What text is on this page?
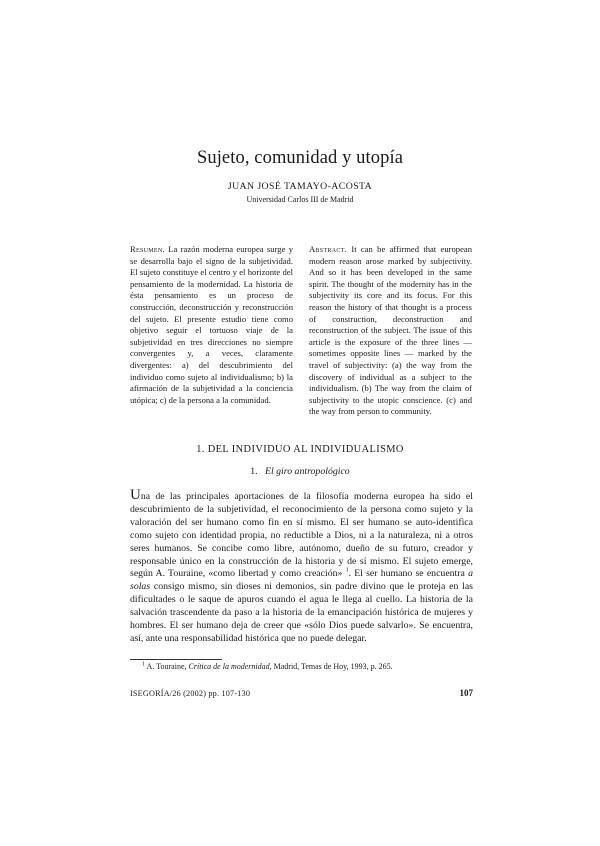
Sujeto, comunidad y utopía
JUAN JOSÉ TAMAYO-ACOSTA
Universidad Carlos III de Madrid
Resumen. La razón moderna europea surge y se desarrolla bajo el signo de la subjetividad. El sujeto constituye el centro y el horizonte del pensamiento de la modernidad. La historia de ésta pensamiento es un proceso de construcción, deconstrucción y reconstrucción del sujeto. El presente estudio tiene como objetivo seguir el tortuoso viaje de la subjetividad en tres direcciones no siempre convergentes y, a veces, claramente divergentes: a) del descubrimiento del individuo como sujeto al individualismo; b) la afirmación de la subjetividad a la conciencia utópica; c) de la persona a la comunidad.
Abstract. It can be affirmed that european modern reason arose marked by subjectivity. And so it has been developed in the same spirit. The thought of the modernity has in the subjectivity its core and its focus. For this reason the history of that thought is a process of construction, deconstruction and reconstruction of the subject. The issue of this article is the exposure of the three lines — sometimes opposite lines — marked by the travel of subjectivity: (a) the way from the discovery of individual as a subject to the individualism. (b) The way from the claim of subjectivity to the utopic conscience. (c) and the way from person to community.
1. DEL INDIVIDUO AL INDIVIDUALISMO
1. El giro antropológico
Una de las principales aportaciones de la filosofía moderna europea ha sido el descubrimiento de la subjetividad, el reconocimiento de la persona como sujeto y la valoración del ser humano como fin en sí mismo. El ser humano se auto-identifica como sujeto con identidad propia, no reductible a Dios, ni a la naturaleza, ni a otros seres humanos. Se concibe como libre, autónomo, dueño de su futuro, creador y responsable único en la construcción de la historia y de sí mismo. El sujeto emerge, según A. Touraine, «como libertad y como creación» $^1$. El ser humano se encuentra a solas consigo mismo, sin dioses ni demonios, sin padre divino que le proteja en las dificultades o le saque de apuros cuando el agua le llega al cuello. La historia de la salvación trascendente da paso a la historia de la emancipación histórica de mujeres y hombres. El ser humano deja de creer que «sólo Dios puede salvarlo». Se encuentra, así, ante una responsabilidad histórica que no puede delegar.
$^1$ A. Touraine, Crítica de la modernidad, Madrid, Temas de Hoy, 1993, p. 265.
ISEGORÍA/26 (2002) pp. 107-130	107
